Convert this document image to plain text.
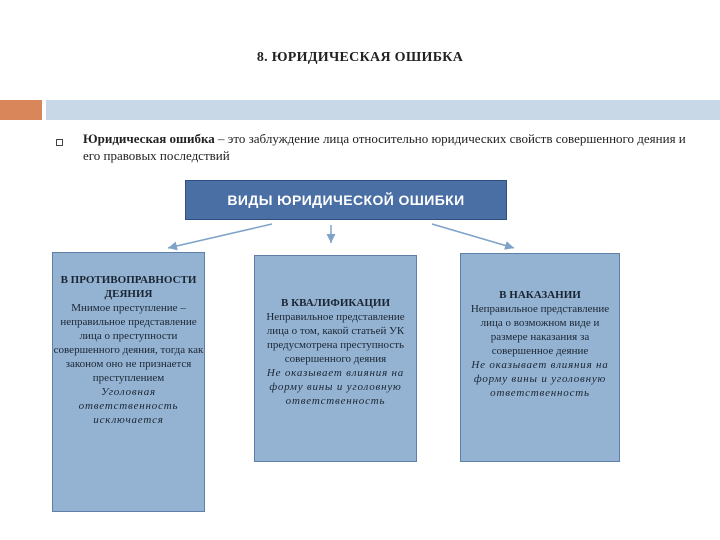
8. ЮРИДИЧЕСКАЯ ОШИБКА
Юридическая ошибка – это заблуждение лица относительно юридических свойств совершенного деяния и его правовых последствий
ВИДЫ ЮРИДИЧЕСКОЙ ОШИБКИ
В ПРОТИВОПРАВНОСТИ ДЕЯНИЯ
Мнимое преступление – неправильное представление лица о преступности совершенного деяния, тогда как законом оно не признается преступлением
Уголовная ответственность исключается
В КВАЛИФИКАЦИИ
Неправильное представление лица о том, какой статьей УК предусмотрена преступность совершенного деяния
Не оказывает влияния на форму вины и уголовную ответственность
В НАКАЗАНИИ
Неправильное представление лица о возможном виде и размере наказания за совершенное деяние
Не оказывает влияния на форму вины и уголовную ответственность
